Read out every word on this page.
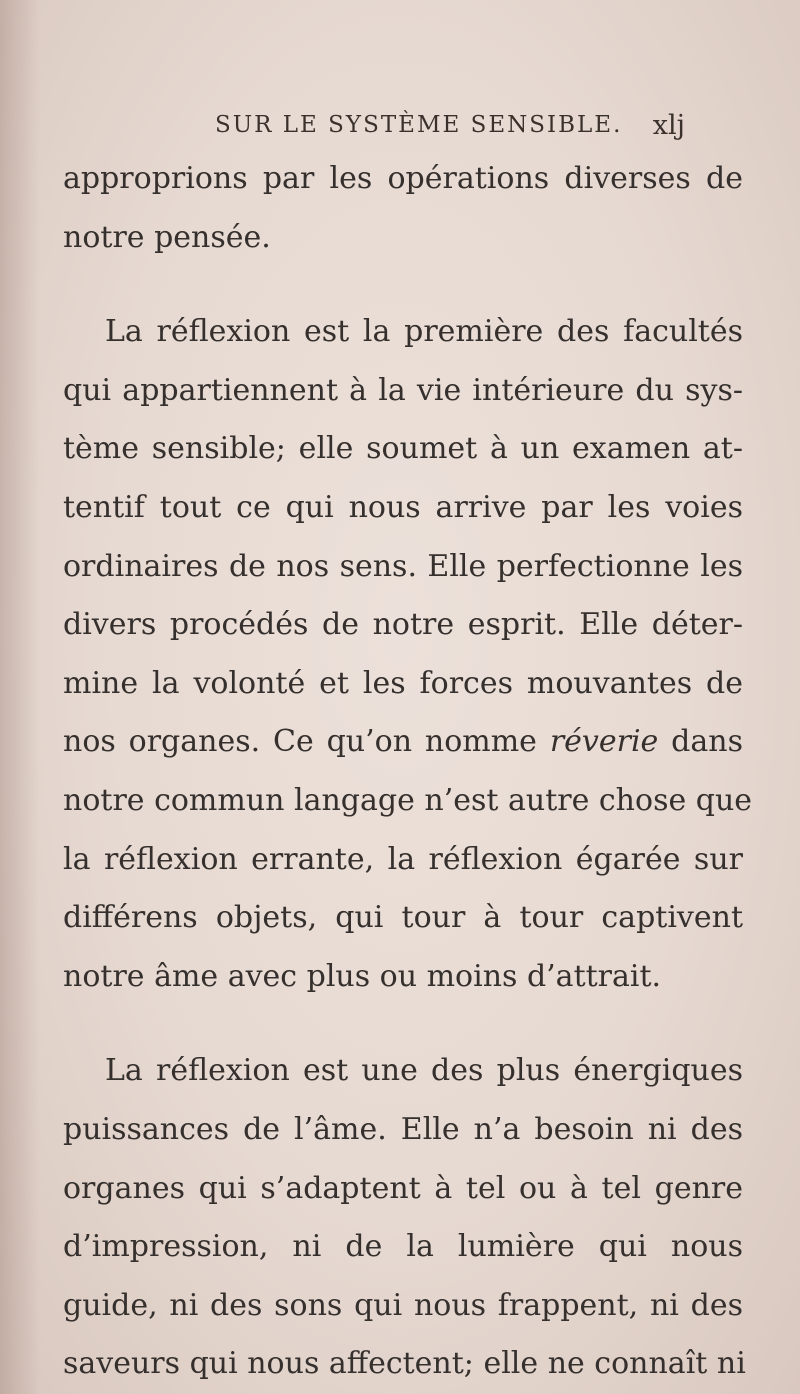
SUR LE SYSTÈME SENSIBLE. xlj
approprions par les opérations diverses de
notre pensée.
La réflexion est la première des facultés
qui appartiennent à la vie intérieure du sys-
tème sensible; elle soumet à un examen at-
tentif tout ce qui nous arrive par les voies
ordinaires de nos sens. Elle perfectionne les
divers procédés de notre esprit. Elle déter-
mine la volonté et les forces mouvantes de
nos organes. Ce qu’on nomme réverie dans
notre commun langage n’est autre chose que
la réflexion errante, la réflexion égarée sur
différens objets, qui tour à tour captivent
notre âme avec plus ou moins d’attrait.
La réflexion est une des plus énergiques
puissances de l’âme. Elle n’a besoin ni des
organes qui s’adaptent à tel ou à tel genre
d’impression, ni de la lumière qui nous
guide, ni des sons qui nous frappent, ni des
saveurs qui nous affectent; elle ne connaît ni
